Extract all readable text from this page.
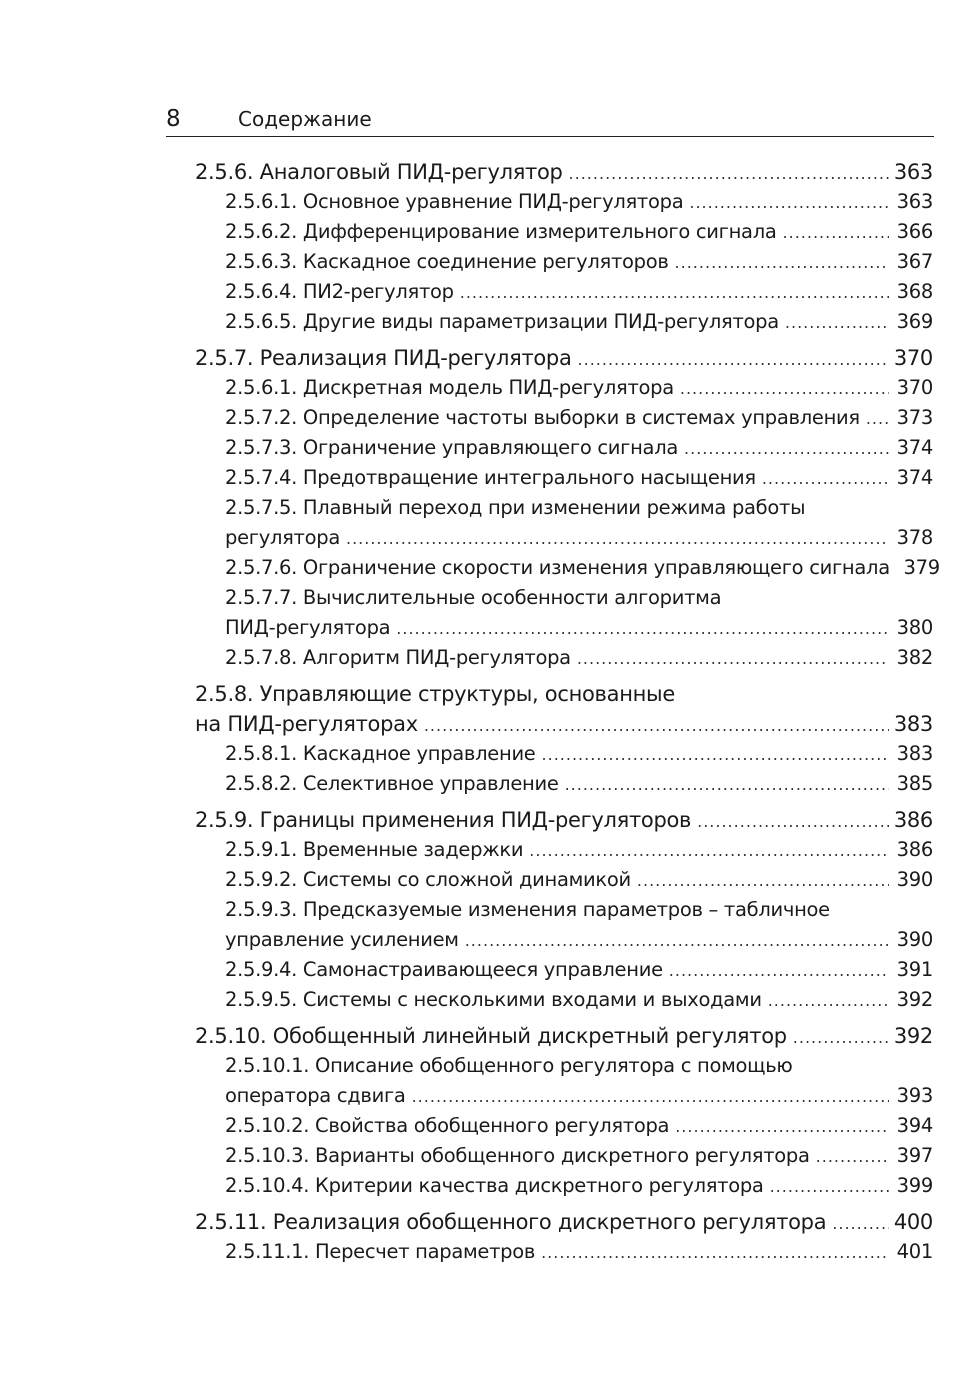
8	Содержание
2.5.6. Аналоговый ПИД-регулятор .....	363
2.5.6.1. Основное уравнение ПИД-регулятора .....	363
2.5.6.2. Дифференцирование измерительного сигнала .....	366
2.5.6.3. Каскадное соединение регуляторов .....	367
2.5.6.4. ПИ2-регулятор .....	368
2.5.6.5. Другие виды параметризации ПИД-регулятора .....	369
2.5.7. Реализация ПИД-регулятора .....	370
2.5.6.1. Дискретная модель ПИД-регулятора .....	370
2.5.7.2. Определение частоты выборки в системах управления ..... 373
2.5.7.3. Ограничение управляющего сигнала .....	374
2.5.7.4. Предотвращение интегрального насыщения .....	374
2.5.7.5. Плавный переход при изменении режима работы
регулятора .....	378
2.5.7.6. Ограничение скорости изменения управляющего сигнала 379
2.5.7.7. Вычислительные особенности алгоритма
ПИД-регулятора .....	380
2.5.7.8. Алгоритм ПИД-регулятора .....	382
2.5.8. Управляющие структуры, основанные
на ПИД-регуляторах .....	383
2.5.8.1. Каскадное управление .....	383
2.5.8.2. Селективное управление .....	385
2.5.9. Границы применения ПИД-регуляторов .....	386
2.5.9.1. Временные задержки .....	386
2.5.9.2. Системы со сложной динамикой .....	390
2.5.9.3. Предсказуемые изменения параметров – табличное
управление усилением .....	390
2.5.9.4. Самонастраивающееся управление .....	391
2.5.9.5. Системы с несколькими входами и выходами .....	392
2.5.10. Обобщенный линейный дискретный регулятор .....	392
2.5.10.1. Описание обобщенного регулятора с помощью
оператора сдвига .....	393
2.5.10.2. Свойства обобщенного регулятора .....	394
2.5.10.3. Варианты обобщенного дискретного регулятора .....	397
2.5.10.4. Критерии качества дискретного регулятора .....	399
2.5.11. Реализация обобщенного дискретного регулятора .....	400
2.5.11.1. Пересчет параметров .....	401
